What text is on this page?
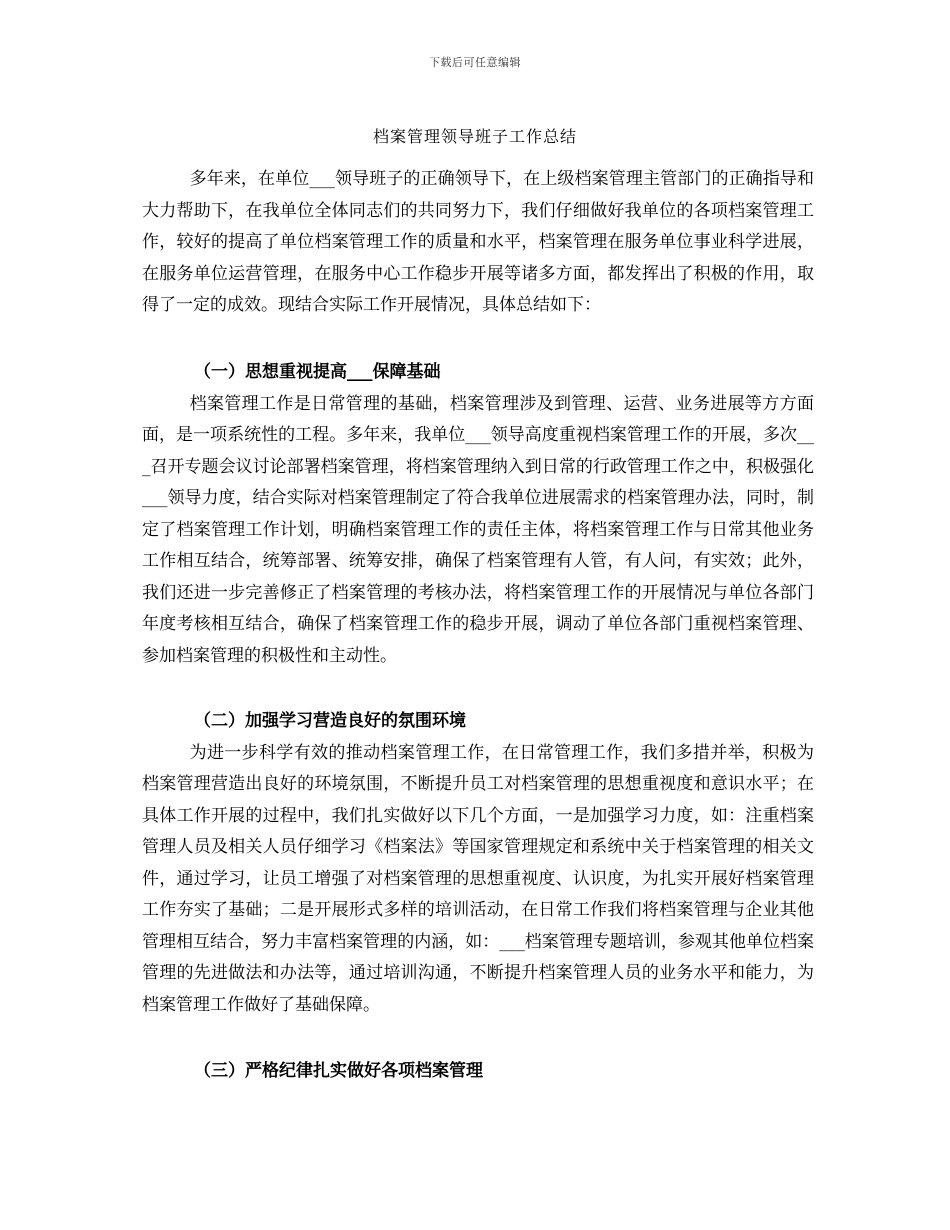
下载后可任意编辑
档案管理领导班子工作总结

多年来，在单位___领导班子的正确领导下，在上级档案管理主管部门的正确指导和大力帮助下，在我单位全体同志们的共同努力下，我们仔细做好我单位的各项档案管理工作，较好的提高了单位档案管理工作的质量和水平，档案管理在服务单位事业科学进展，在服务单位运营管理，在服务中心工作稳步开展等诸多方面，都发挥出了积极的作用，取得了一定的成效。现结合实际工作开展情况，具体总结如下：

（一）思想重视提高___保障基础

档案管理工作是日常管理的基础，档案管理涉及到管理、运营、业务进展等方方面面，是一项系统性的工程。多年来，我单位___领导高度重视档案管理工作的开展，多次___召开专题会议讨论部署档案管理，将档案管理纳入到日常的行政管理工作之中，积极强化___领导力度，结合实际对档案管理制定了符合我单位进展需求的档案管理办法，同时，制定了档案管理工作计划，明确档案管理工作的责任主体，将档案管理工作与日常其他业务工作相互结合，统筹部署、统筹安排，确保了档案管理有人管，有人问，有实效；此外，我们还进一步完善修正了档案管理的考核办法，将档案管理工作的开展情况与单位各部门年度考核相互结合，确保了档案管理工作的稳步开展，调动了单位各部门重视档案管理、参加档案管理的积极性和主动性。

（二）加强学习营造良好的氛围环境

为进一步科学有效的推动档案管理工作，在日常管理工作，我们多措并举，积极为档案管理营造出良好的环境氛围，不断提升员工对档案管理的思想重视度和意识水平；在具体工作开展的过程中，我们扎实做好以下几个方面，一是加强学习力度，如：注重档案管理人员及相关人员仔细学习《档案法》等国家管理规定和系统中关于档案管理的相关文件，通过学习，让员工增强了对档案管理的思想重视度、认识度，为扎实开展好档案管理工作夯实了基础；二是开展形式多样的培训活动，在日常工作我们将档案管理与企业其他管理相互结合，努力丰富档案管理的内涵，如：___档案管理专题培训，参观其他单位档案管理的先进做法和办法等，通过培训沟通，不断提升档案管理人员的业务水平和能力，为档案管理工作做好了基础保障。

（三）严格纪律扎实做好各项档案管理
